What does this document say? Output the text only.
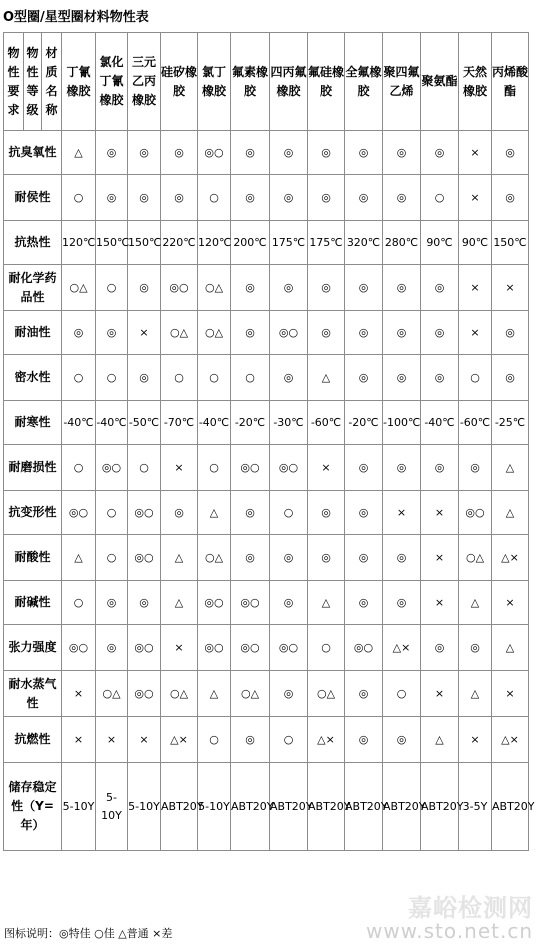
O型圈/星型圈材料物性表
物性要求	物性等级	材质名称	丁氰橡胶	氯化丁氰橡胶	三元乙丙橡胶	硅矽橡胶	氯丁橡胶	氟素橡胶	四丙氟橡胶	氟硅橡胶	全氟橡胶	聚四氟乙烯	聚氨酯	天然橡胶	丙烯酸酯
抗臭氧性			△	◎	◎	◎	◎○	◎	◎	◎	◎	◎	◎	×	◎
耐侯性			○	◎	◎	◎	○	◎	◎	◎	◎	◎	○	×	◎
抗热性			120℃	150℃	150℃	220℃	120℃	200℃	175℃	175℃	320℃	280℃	90℃	90℃	150℃
耐化学药品性			○△	○	◎	◎○	○△	◎	◎	◎	◎	◎	◎	×	×
耐油性			◎	◎	×	○△	○△	◎	◎○	◎	◎	◎	◎	×	◎
密水性			○	○	◎	○	○	○	◎	△	◎	◎	◎	○	◎
耐寒性			-40℃	-40℃	-50℃	-70℃	-40℃	-20℃	-30℃	-60℃	-20℃	-100℃	-40℃	-60℃	-25℃
耐磨损性			○	◎○	○	×	○	◎○	◎○	×	◎	◎	◎	◎	△
抗变形性			◎○	○	◎○	◎	△	◎	○	◎	◎	×	×	◎○	△
耐酸性			△	○	◎○	△	○△	◎	◎	◎	◎	◎	×	○△	△×
耐碱性			○	◎	◎	△	◎○	◎○	◎	△	◎	◎	×	△	×
张力强度			◎○	◎	◎○	×	◎○	◎○	◎○	○	◎○	△×	◎	◎	△
耐水蒸气性			×	○△	◎○	○△	△	○△	◎	○△	◎	○	×	△	×
抗燃性			×	×	×	△×	○	◎	○	△×	◎	◎	△	×	△×
储存稳定性（Y=年）			5-10Y	5-10Y	5-10Y	ABT20Y	5-10Y	ABT20Y	ABT20Y	ABT20Y	ABT20Y	ABT20Y	ABT20Y	3-5Y	ABT20Y
图标说明：◎特佳 ○佳 △普通 ×差
嘉峪检测网
www.sto.net.cn
